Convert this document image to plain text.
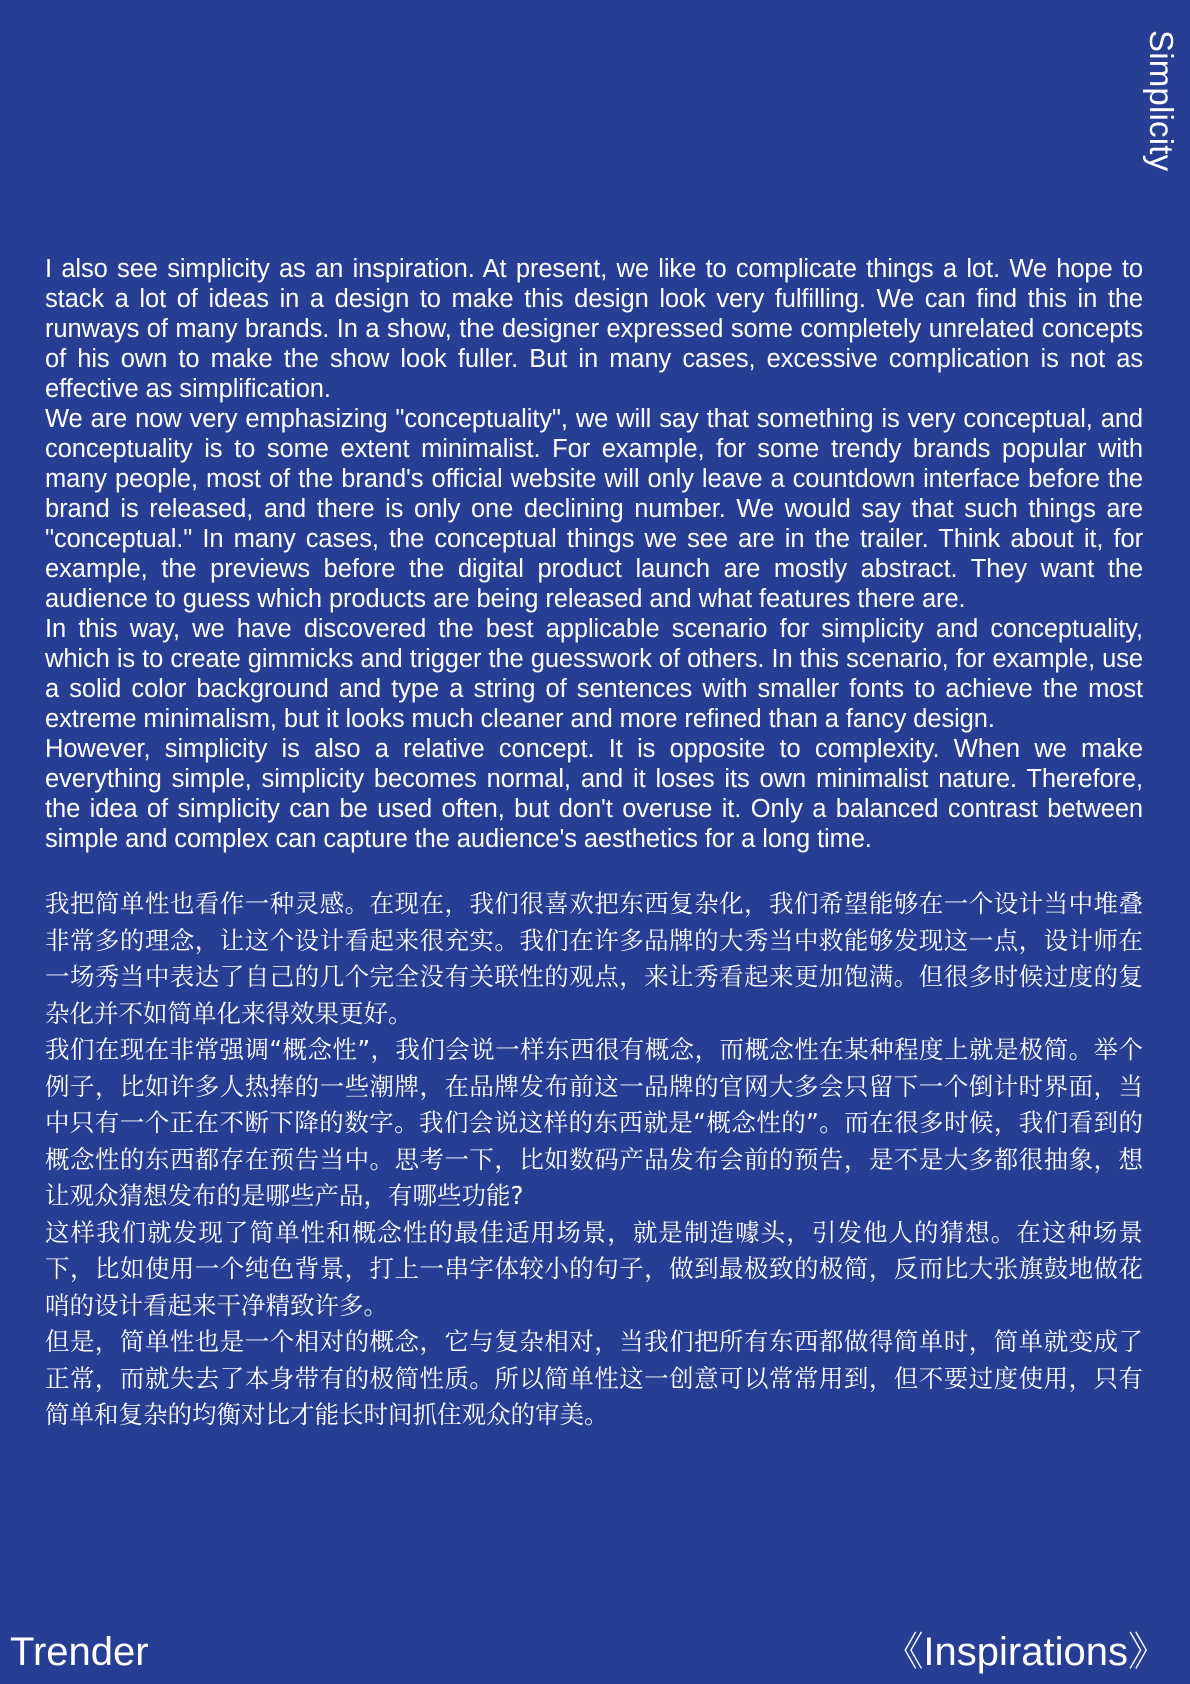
Simplicity

I also see simplicity as an inspiration. At present, we like to complicate things a lot. We hope to stack a lot of ideas in a design to make this design look very fulfilling. We can find this in the runways of many brands. In a show, the designer expressed some completely unrelated concepts of his own to make the show look fuller. But in many cases, excessive complication is not as effective as simplification.

We are now very emphasizing "conceptuality", we will say that something is very conceptual, and conceptuality is to some extent minimalist. For example, for some trendy brands popular with many people, most of the brand's official website will only leave a countdown interface before the brand is released, and there is only one declining number. We would say that such things are "conceptual." In many cases, the conceptual things we see are in the trailer. Think about it, for example, the previews before the digital product launch are mostly abstract. They want the audience to guess which products are being released and what features there are.

In this way, we have discovered the best applicable scenario for simplicity and conceptuality, which is to create gimmicks and trigger the guesswork of others. In this scenario, for example, use a solid color background and type a string of sentences with smaller fonts to achieve the most extreme minimalism, but it looks much cleaner and more refined than a fancy design.

However, simplicity is also a relative concept. It is opposite to complexity. When we make everything simple, simplicity becomes normal, and it loses its own minimalist nature. Therefore, the idea of simplicity can be used often, but don't overuse it. Only a balanced contrast between simple and complex can capture the audience's aesthetics for a long time.

我把简单性也看作一种灵感。在现在，我们很喜欢把东西复杂化，我们希望能够在一个设计当中堆叠非常多的理念，让这个设计看起来很充实。我们在许多品牌的大秀当中救能够发现这一点，设计师在一场秀当中表达了自己的几个完全没有关联性的观点，来让秀看起来更加饱满。但很多时候过度的复杂化并不如简单化来得效果更好。

我们在现在非常强调“概念性”，我们会说一样东西很有概念，而概念性在某种程度上就是极简。举个例子，比如许多人热捧的一些潮牌，在品牌发布前这一品牌的官网大多会只留下一个倒计时界面，当中只有一个正在不断下降的数字。我们会说这样的东西就是“概念性的”。而在很多时候，我们看到的概念性的东西都存在预告当中。思考一下，比如数码产品发布会前的预告，是不是大多都很抽象，想让观众猜想发布的是哪些产品，有哪些功能?

这样我们就发现了简单性和概念性的最佳适用场景，就是制造噱头，引发他人的猜想。在这种场景下，比如使用一个纯色背景，打上一串字体较小的句子，做到最极致的极简，反而比大张旗鼓地做花哨的设计看起来干净精致许多。

但是，简单性也是一个相对的概念，它与复杂相对，当我们把所有东西都做得简单时，简单就变成了正常，而就失去了本身带有的极简性质。所以简单性这一创意可以常常用到，但不要过度使用，只有简单和复杂的均衡对比才能长时间抓住观众的审美。

Trender	《Inspirations》
